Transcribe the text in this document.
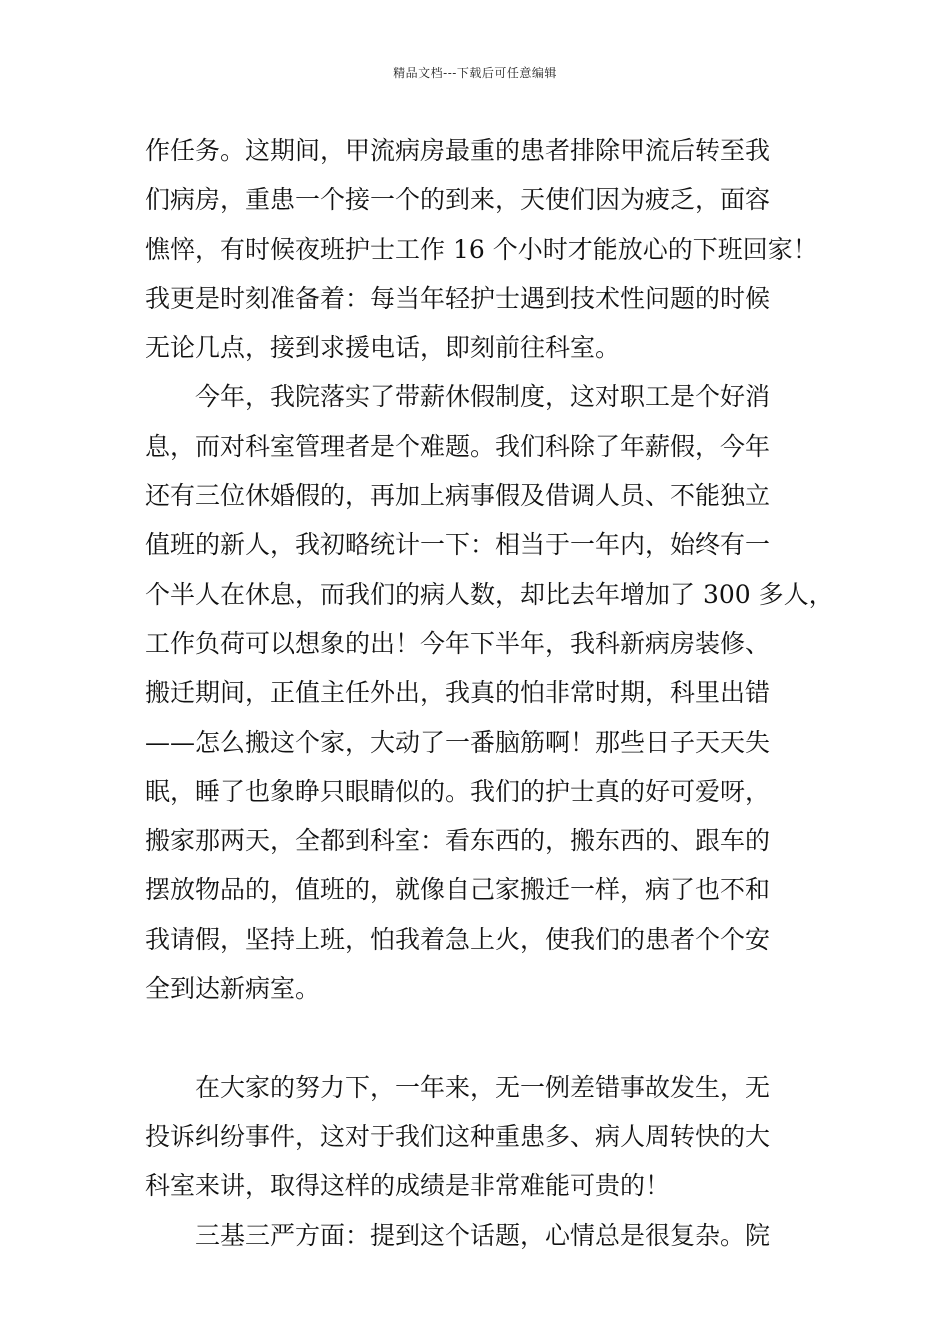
精品文档---下载后可任意编辑
作任务。这期间，甲流病房最重的患者排除甲流后转至我
们病房，重患一个接一个的到来，天使们因为疲乏，面容
憔悴，有时候夜班护士工作 16 个小时才能放心的下班回家！
我更是时刻准备着：每当年轻护士遇到技术性问题的时候
无论几点，接到求援电话，即刻前往科室。
今年，我院落实了带薪休假制度，这对职工是个好消
息，而对科室管理者是个难题。我们科除了年薪假，今年
还有三位休婚假的，再加上病事假及借调人员、不能独立
值班的新人，我初略统计一下：相当于一年内，始终有一
个半人在休息，而我们的病人数，却比去年增加了 300 多人，
工作负荷可以想象的出！今年下半年，我科新病房装修、
搬迁期间，正值主任外出，我真的怕非常时期，科里出错
——怎么搬这个家，大动了一番脑筋啊！那些日子天天失
眠，睡了也象睁只眼睛似的。我们的护士真的好可爱呀，
搬家那两天，全都到科室：看东西的，搬东西的、跟车的
摆放物品的，值班的，就像自己家搬迁一样，病了也不和
我请假，坚持上班，怕我着急上火，使我们的患者个个安
全到达新病室。
在大家的努力下，一年来，无一例差错事故发生，无
投诉纠纷事件，这对于我们这种重患多、病人周转快的大
科室来讲，取得这样的成绩是非常难能可贵的！
三基三严方面：提到这个话题，心情总是很复杂。院
